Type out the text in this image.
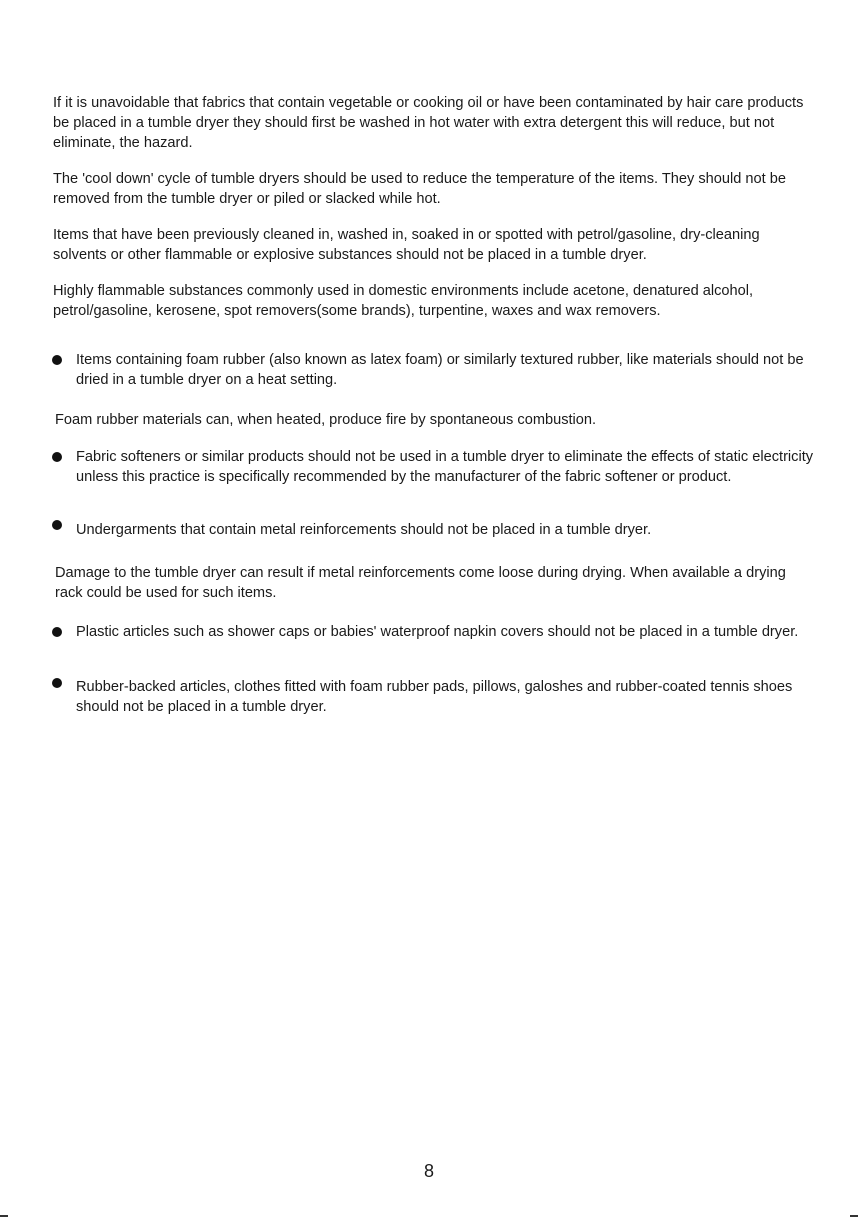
If it is unavoidable that fabrics that contain vegetable or cooking oil or have been contaminated by hair care products be placed in a tumble dryer they should first be washed in hot water with extra detergent this will reduce, but not eliminate, the hazard.

The 'cool down' cycle of tumble dryers should be used to reduce the temperature of the items. They should not be removed from the tumble dryer or piled or slacked while hot.

Items that have been previously cleaned in, washed in, soaked in or spotted with petrol/gasoline, dry-cleaning solvents or other flammable or explosive substances should not be placed in a tumble dryer.

Highly flammable substances commonly used in domestic environments include acetone, denatured alcohol, petrol/gasoline, kerosene, spot removers(some brands), turpentine, waxes and wax removers.

Items containing foam rubber (also known as latex foam) or similarly textured rubber, like materials should not be dried in a tumble dryer on a heat setting.

Foam rubber materials can, when heated, produce fire by spontaneous combustion.

Fabric softeners or similar products should not be used in a tumble dryer to eliminate the effects of static electricity unless this practice is specifically recommended by the manufacturer of the fabric softener or product.

Undergarments that contain metal reinforcements should not be placed in a tumble dryer.

Damage to the tumble dryer can result if metal reinforcements come loose during drying. When available a drying rack could be used for such items.

Plastic articles such as shower caps or babies' waterproof napkin covers should not be placed in a tumble dryer.

Rubber-backed articles, clothes fitted with foam rubber pads, pillows, galoshes and rubber-coated tennis shoes should not be placed in a tumble dryer.

8
